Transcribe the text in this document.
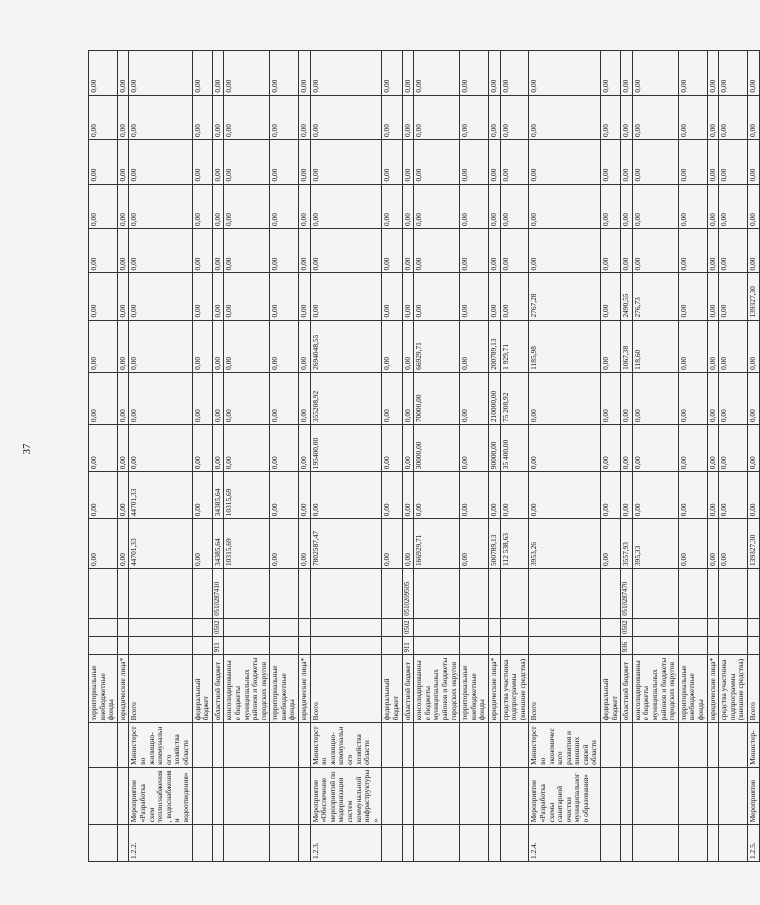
37
			территориальные внебюджетные фонды				0,00	0,00	0,00	0,00	0,00	0,00	0,00	0,00	0,00	0,00	0,00
			юридические лица*				0,00	0,00	0,00	0,00	0,00	0,00	0,00	0,00	0,00	0,00	0,00
1.2.2.	Мероприятие «Разработка схем теплоснабжения, водоснабжения и водоотведения»	Министерство жилищно-коммунального хозяйства области	Всего				44701,33	44701,33	0,00	0,00	0,00	0,00	0,00	0,00	0,00	0,00	0,00
			федеральный бюджет				0,00	0,00	0,00	0,00	0,00	0,00	0,00	0,00	0,00	0,00	0,00
			областной бюджет	911	0502	0510287410	34385,64	34385,64	0,00	0,00	0,00	0,00	0,00	0,00	0,00	0,00	0,00
			консолидированные бюджеты муниципальных районов и бюджеты городских округов				10315,69	10315,69	0,00	0,00	0,00	0,00	0,00	0,00	0,00	0,00	0,00
			территориальные внебюджетные фонды				0,00	0,00	0,00	0,00	0,00	0,00	0,00	0,00	0,00	0,00	0,00
			юридические лица*				0,00	0,00	0,00	0,00	0,00	0,00	0,00	0,00	0,00	0,00	0,00
1.2.3.	Мероприятие «Обеспечение мероприятий по модернизации систем коммунальной инфраструктуры»	Министерство жилищно-коммунального хозяйства области	Всего				7802587,47	0,00	195400,00	355208,92	2694048,55	0,00	0,00	0,00	0,00	0,00	0,00
			федеральный бюджет				0,00	0,00	0,00	0,00	0,00	0,00	0,00	0,00	0,00	0,00	0,00
			областной бюджет	911	0502	0510209505	0,00	0,00	0,00	0,00	0,00	0,00	0,00	0,00	0,00	0,00	0,00
			консолидированные бюджеты муниципальных районов и бюджеты городских округов				166929,71	0,00	30000,00	70000,00	66929,71	0,00	0,00	0,00	0,00	0,00	0,00
			территориальные внебюджетные фонды				0,00	0,00	0,00	0,00	0,00	0,00	0,00	0,00	0,00	0,00	0,00
			юридические лица*				500789,13	0,00	90000,00	210000,00	200789,13	0,00	0,00	0,00	0,00	0,00	0,00
			средства участника подпрограммы (внешние средства)				112 538,63	0,00	35 400,00	75 208,92	1 929,71	0,00	0,00	0,00	0,00	0,00	0,00
1.2.4.	Мероприятие «Разработка схемы санитарной очистки муниципального образования»	Министерство экономического развития и внешних связей области	Всего				3953,26	0,00	0,00	0,00	1185,98	2767,28	0,00	0,00	0,00	0,00	0,00
			федеральный бюджет				0,00	0,00	0,00	0,00	0,00	0,00	0,00	0,00	0,00	0,00	0,00
			областной бюджет	936	0502	0510287470	3557,93	0,00	0,00	0,00	1067,38	2490,55	0,00	0,00	0,00	0,00	0,00
			консолидированные бюджеты муниципальных районов и бюджеты городских округов				395,33	0,00	0,00	0,00	118,60	276,73	0,00	0,00	0,00	0,00	0,00
			территориальные внебюджетные фонды				0,00	0,00	0,00	0,00	0,00	0,00	0,00	0,00	0,00	0,00	0,00
			юридические лица*				0,00	0,00	0,00	0,00	0,00	0,00	0,00	0,00	0,00	0,00	0,00
			средства участника подпрограммы (внешние средства)				0,00	0,00	0,00	0,00	0,00	0,00	0,00	0,00	0,00	0,00	0,00
1.2.5.	Мероприятие	Министер-	Всего				139327,30	0,00	0,00	0,00	0,00	139327,30	0,00	0,00	0,00	0,00	0,00
